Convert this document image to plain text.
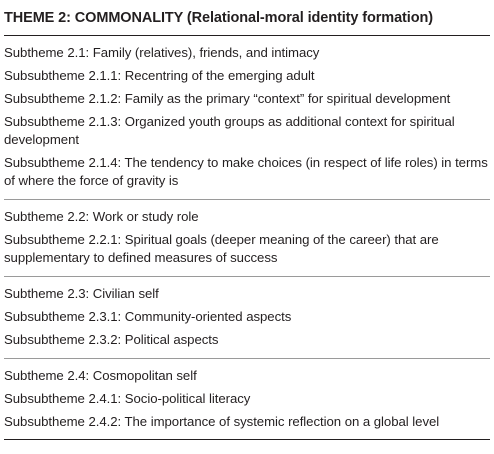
THEME 2: COMMONALITY (Relational-moral identity formation)
Subtheme 2.1: Family (relatives), friends, and intimacy
Subsubtheme 2.1.1: Recentring of the emerging adult
Subsubtheme 2.1.2: Family as the primary “context” for spiritual development
Subsubtheme 2.1.3: Organized youth groups as additional context for spiritual development
Subsubtheme 2.1.4: The tendency to make choices (in respect of life roles) in terms of where the force of gravity is
Subtheme 2.2: Work or study role
Subsubtheme 2.2.1: Spiritual goals (deeper meaning of the career) that are supplementary to defined measures of success
Subtheme 2.3: Civilian self
Subsubtheme 2.3.1: Community-oriented aspects
Subsubtheme 2.3.2: Political aspects
Subtheme 2.4: Cosmopolitan self
Subsubtheme 2.4.1: Socio-political literacy
Subsubtheme 2.4.2: The importance of systemic reflection on a global level
